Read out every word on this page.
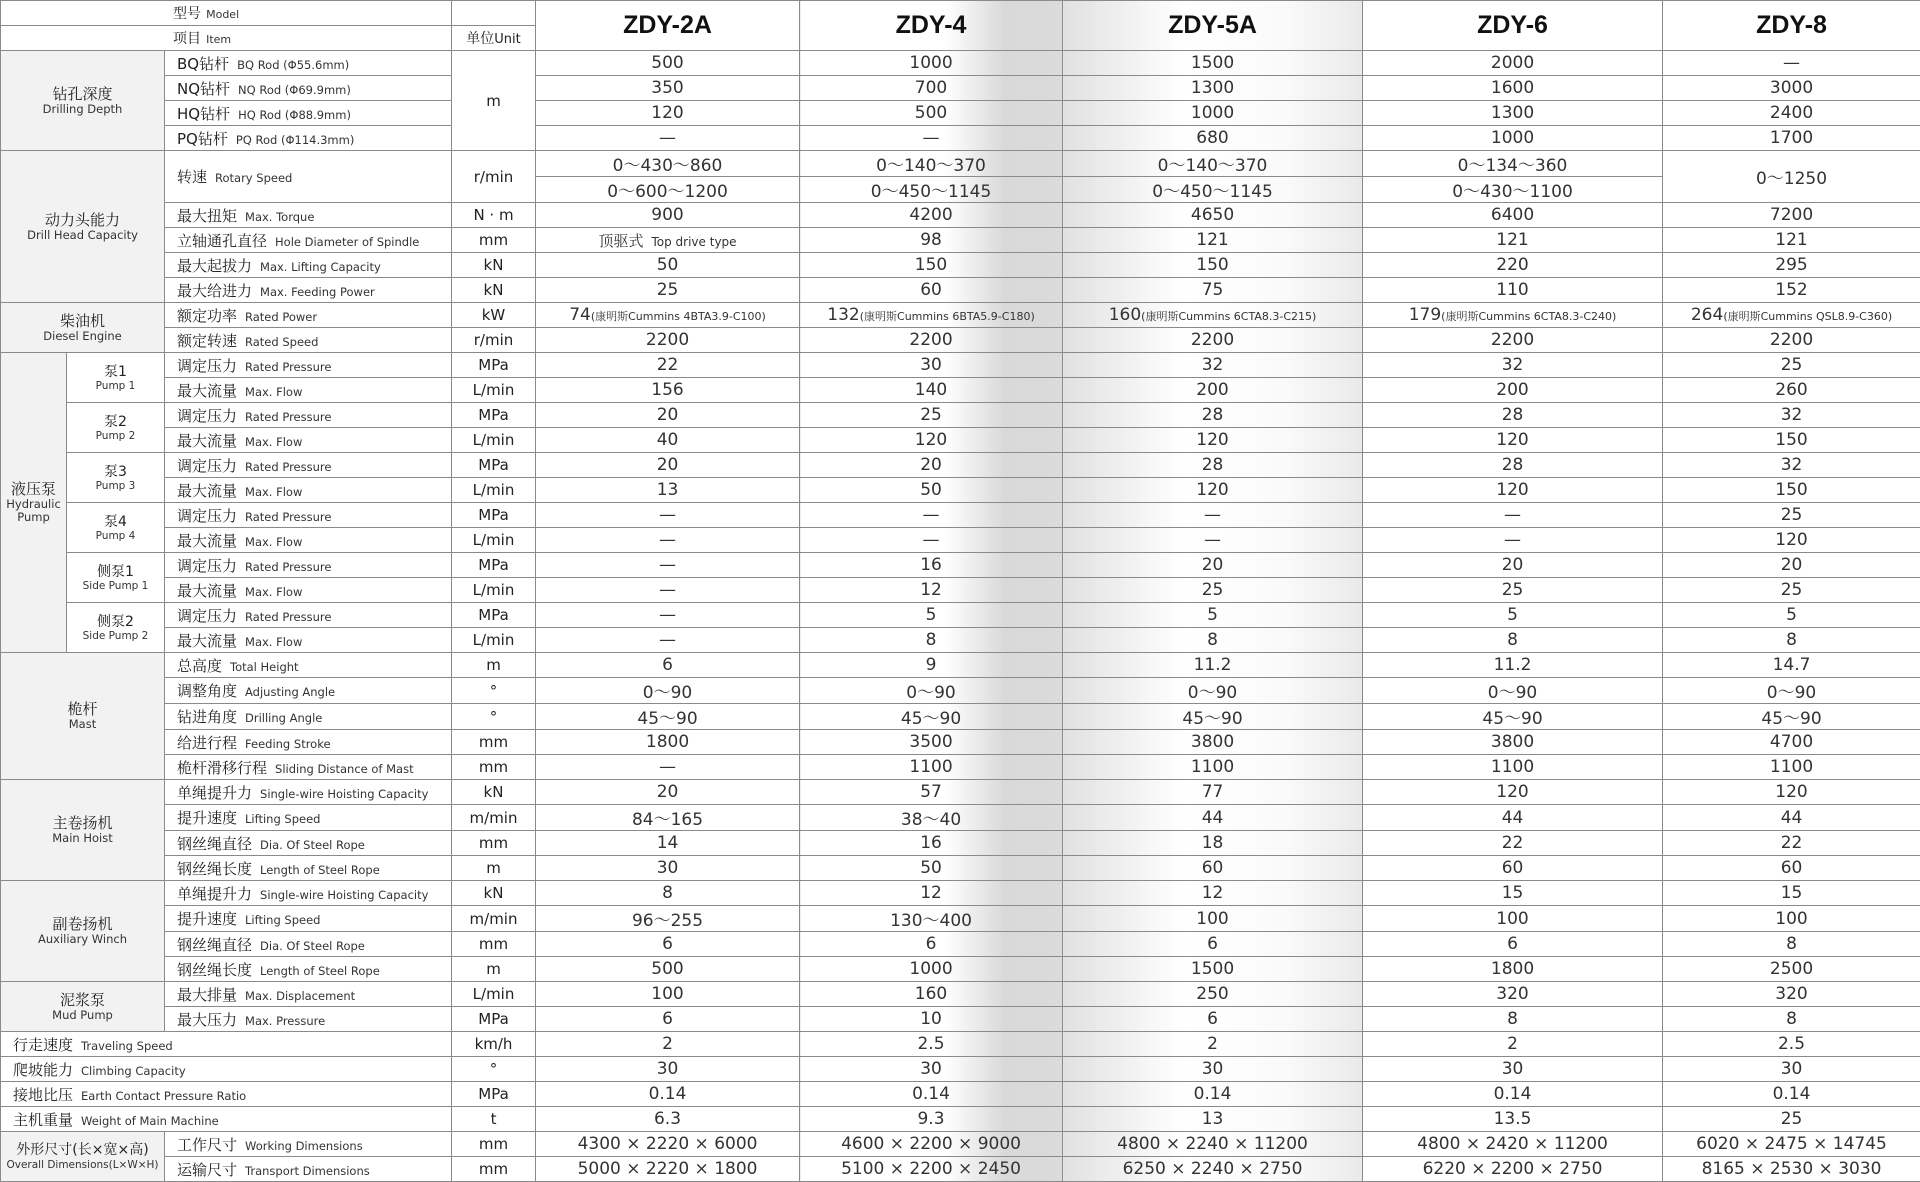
型号 Model				ZDY-2A	ZDY-4	ZDY-5A	ZDY-6	ZDY-8
项目 Item			单位Unit					

钻孔深度
Drilling Depth		BQ钻杆 BQ Rod (Φ55.6mm)	m	500	1000	1500	2000	—
		NQ钻杆 NQ Rod (Φ69.9mm)		350	700	1300	1600	3000
		HQ钻杆 HQ Rod (Φ88.9mm)		120	500	1000	1300	2400
		PQ钻杆 PQ Rod (Φ114.3mm)		—	—	680	1000	1700

动力头能力
Drill Head Capacity		转速 Rotary Speed	r/min	0～430～860	0～140～370	0～140～370	0～134～360	0～1250
				0～600～1200	0～450～1145	0～450～1145	0～430～1100	
		最大扭矩 Max. Torque	N · m	900	4200	4650	6400	7200
		立轴通孔直径 Hole Diameter of Spindle	mm	顶驱式 Top drive type	98	121	121	121
		最大起拔力 Max. Lifting Capacity	kN	50	150	150	220	295
		最大给进力 Max. Feeding Power	kN	25	60	75	110	152

柴油机
Diesel Engine		额定功率 Rated Power	kW	74(康明斯Cummins 4BTA3.9-C100)	132(康明斯Cummins 6BTA5.9-C180)	160(康明斯Cummins 6CTA8.3-C215)	179(康明斯Cummins 6CTA8.3-C240)	264(康明斯Cummins QSL8.9-C360)
		额定转速 Rated Speed	r/min	2200	2200	2200	2200	2200

液压泵
Hydraulic
Pump	泵1
Pump 1	调定压力 Rated Pressure	MPa	22	30	32	32	25
		最大流量 Max. Flow	L/min	156	140	200	200	260

	泵2
Pump 2	调定压力 Rated Pressure	MPa	20	25	28	28	32
		最大流量 Max. Flow	L/min	40	120	120	120	150

	泵3
Pump 3	调定压力 Rated Pressure	MPa	20	20	28	28	32
		最大流量 Max. Flow	L/min	13	50	120	120	150

	泵4
Pump 4	调定压力 Rated Pressure	MPa	—	—	—	—	25
		最大流量 Max. Flow	L/min	—	—	—	—	120

	侧泵1
Side Pump 1	调定压力 Rated Pressure	MPa	—	16	20	20	20
		最大流量 Max. Flow	L/min	—	12	25	25	25

	侧泵2
Side Pump 2	调定压力 Rated Pressure	MPa	—	5	5	5	5
		最大流量 Max. Flow	L/min	—	8	8	8	8

桅杆
Mast		总高度 Total Height	m	6	9	11.2	11.2	14.7
		调整角度 Adjusting Angle	°	0～90	0～90	0～90	0～90	0～90
		钻进角度 Drilling Angle	°	45～90	45～90	45～90	45～90	45～90
		给进行程 Feeding Stroke	mm	1800	3500	3800	3800	4700
		桅杆滑移行程 Sliding Distance of Mast	mm	—	1100	1100	1100	1100

主卷扬机
Main Hoist		单绳提升力 Single-wire Hoisting Capacity	kN	20	57	77	120	120
		提升速度 Lifting Speed	m/min	84～165	38～40	44	44	44
		钢丝绳直径 Dia. Of Steel Rope	mm	14	16	18	22	22
		钢丝绳长度 Length of Steel Rope	m	30	50	60	60	60

副卷扬机
Auxiliary Winch		单绳提升力 Single-wire Hoisting Capacity	kN	8	12	12	15	15
		提升速度 Lifting Speed	m/min	96～255	130～400	100	100	100
		钢丝绳直径 Dia. Of Steel Rope	mm	6	6	6	6	8
		钢丝绳长度 Length of Steel Rope	m	500	1000	1500	1800	2500

泥浆泵
Mud Pump		最大排量 Max. Displacement	L/min	100	160	250	320	320
		最大压力 Max. Pressure	MPa	6	10	6	8	8
行走速度 Traveling Speed			km/h	2	2.5	2	2	2.5
爬坡能力 Climbing Capacity			°	30	30	30	30	30
接地比压 Earth Contact Pressure Ratio			MPa	0.14	0.14	0.14	0.14	0.14
主机重量 Weight of Main Machine			t	6.3	9.3	13	13.5	25

外形尺寸(长×宽×高)
Overall Dimensions(L×W×H)		工作尺寸 Working Dimensions	mm	4300 × 2220 × 6000	4600 × 2200 × 9000	4800 × 2240 × 11200	4800 × 2420 × 11200	6020 × 2475 × 14745
		运输尺寸 Transport Dimensions	mm	5000 × 2220 × 1800	5100 × 2200 × 2450	6250 × 2240 × 2750	6220 × 2200 × 2750	8165 × 2530 × 3030
